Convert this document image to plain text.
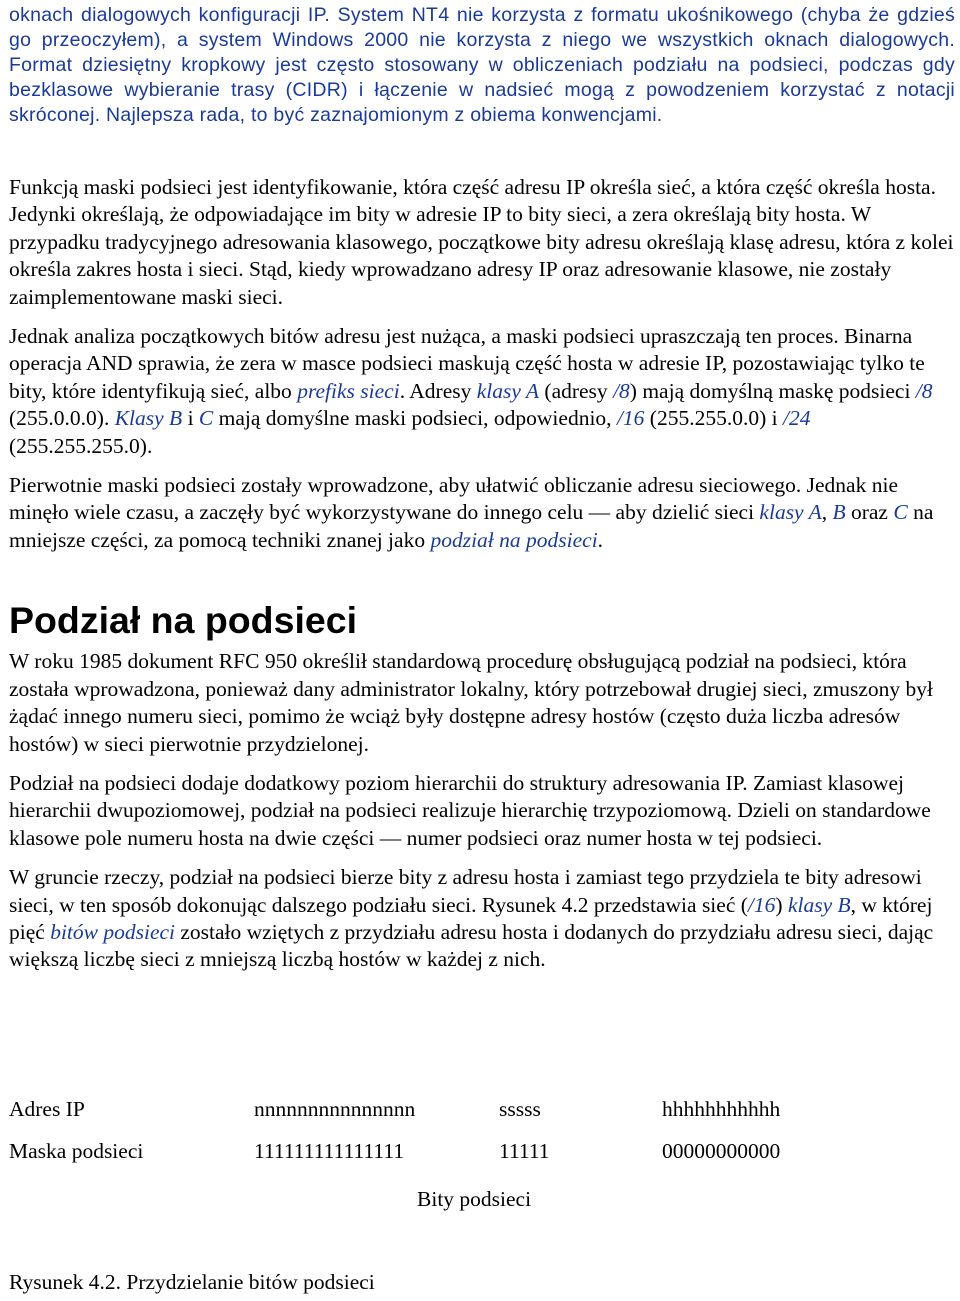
oknach dialogowych konfiguracji IP. System NT4 nie korzysta z formatu ukośnikowego (chyba że gdzieś go przeoczyłem), a system Windows 2000 nie korzysta z niego we wszystkich oknach dialogowych. Format dziesiętny kropkowy jest często stosowany w obliczeniach podziału na podsieci, podczas gdy bezklasowe wybieranie trasy (CIDR) i łączenie w nadsieć mogą z powodzeniem korzystać z notacji skróconej. Najlepsza rada, to być zaznajomionym z obiema konwencjami.

Funkcją maski podsieci jest identyfikowanie, która część adresu IP określa sieć, a która część określa hosta. Jedynki określają, że odpowiadające im bity w adresie IP to bity sieci, a zera określają bity hosta. W przypadku tradycyjnego adresowania klasowego, początkowe bity adresu określają klasę adresu, która z kolei określa zakres hosta i sieci. Stąd, kiedy wprowadzano adresy IP oraz adresowanie klasowe, nie zostały zaimplementowane maski sieci.

Jednak analiza początkowych bitów adresu jest nużąca, a maski podsieci upraszczają ten proces. Binarna operacja AND sprawia, że zera w masce podsieci maskują część hosta w adresie IP, pozostawiając tylko te bity, które identyfikują sieć, albo prefiks sieci. Adresy klasy A (adresy /8) mają domyślną maskę podsieci /8 (255.0.0.0). Klasy B i C mają domyślne maski podsieci, odpowiednio, /16 (255.255.0.0) i /24 (255.255.255.0).

Pierwotnie maski podsieci zostały wprowadzone, aby ułatwić obliczanie adresu sieciowego. Jednak nie minęło wiele czasu, a zaczęły być wykorzystywane do innego celu — aby dzielić sieci klasy A, B oraz C na mniejsze części, za pomocą techniki znanej jako podział na podsieci.

Podział na podsieci

W roku 1985 dokument RFC 950 określił standardową procedurę obsługującą podział na podsieci, która została wprowadzona, ponieważ dany administrator lokalny, który potrzebował drugiej sieci, zmuszony był żądać innego numeru sieci, pomimo że wciąż były dostępne adresy hostów (często duża liczba adresów hostów) w sieci pierwotnie przydzielonej.

Podział na podsieci dodaje dodatkowy poziom hierarchii do struktury adresowania IP. Zamiast klasowej hierarchii dwupoziomowej, podział na podsieci realizuje hierarchię trzypoziomową. Dzieli on standardowe klasowe pole numeru hosta na dwie części — numer podsieci oraz numer hosta w tej podsieci.

W gruncie rzeczy, podział na podsieci bierze bity z adresu hosta i zamiast tego przydziela te bity adresowi sieci, w ten sposób dokonując dalszego podziału sieci. Rysunek 4.2 przedstawia sieć (/16) klasy B, w której pięć bitów podsieci zostało wziętych z przydziału adresu hosta i dodanych do przydziału adresu sieci, dając większą liczbę sieci z mniejszą liczbą hostów w każdej z nich.

Adres IP	nnnnnnnnnnnnnnn	sssss	hhhhhhhhhhh
Maska podsieci	111111111111111	11111	00000000000
Bity podsieci
Rysunek 4.2. Przydzielanie bitów podsieci
